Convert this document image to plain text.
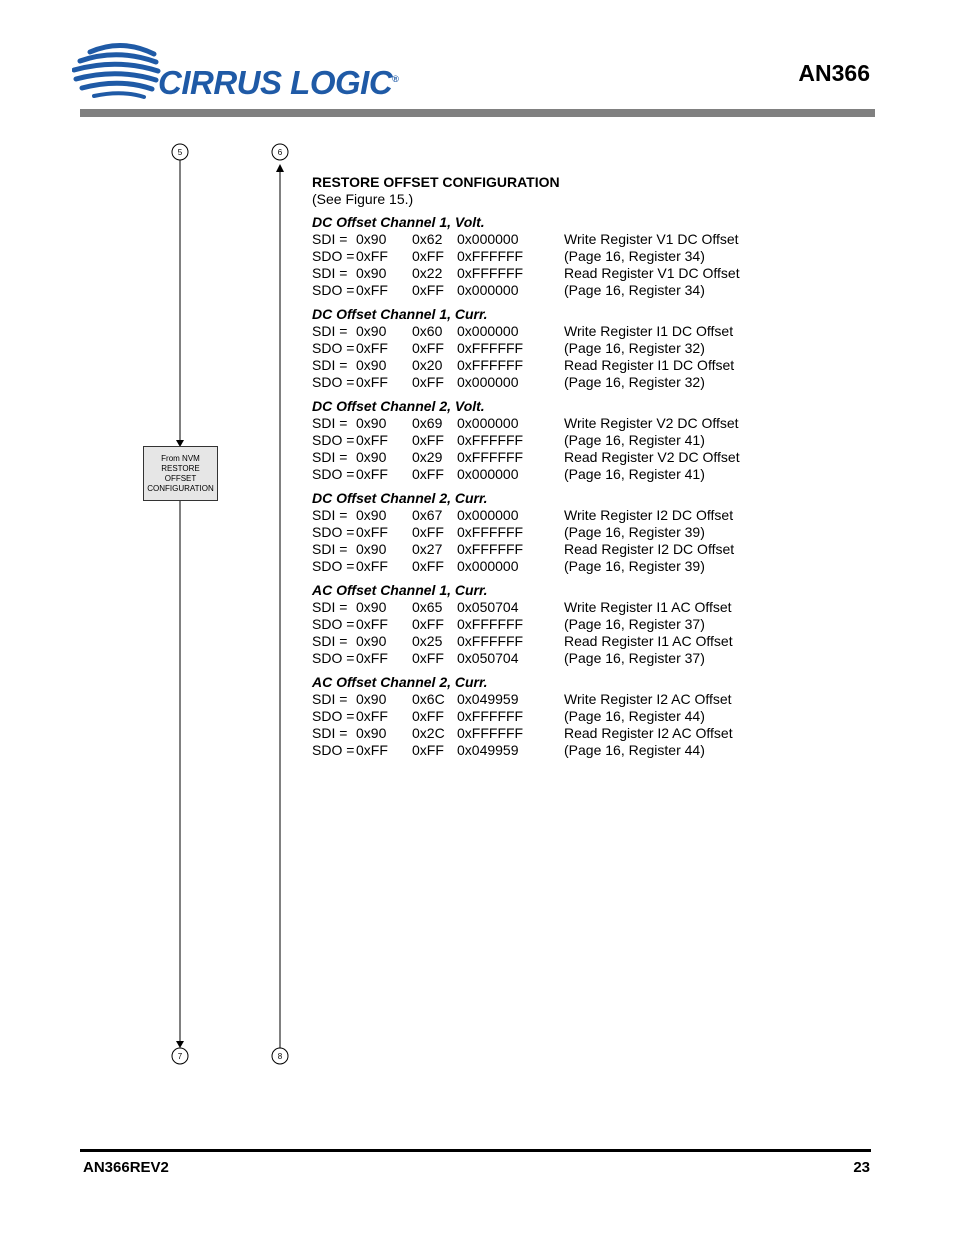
CIRRUS LOGIC®	AN366
5	6
7	8
From NVM
RESTORE
OFFSET
CONFIGURATION
RESTORE OFFSET CONFIGURATION
(See Figure 15.)
DC Offset Channel 1, Volt.
SDI = 0x90 0x62 0x000000	Write Register V1 DC Offset
SDO = 0xFF 0xFF 0xFFFFFF	(Page 16, Register 34)
SDI = 0x90 0x22 0xFFFFFF	Read Register V1 DC Offset
SDO = 0xFF 0xFF 0x000000	(Page 16, Register 34)
DC Offset Channel 1, Curr.
SDI = 0x90 0x60 0x000000	Write Register I1 DC Offset
SDO = 0xFF 0xFF 0xFFFFFF	(Page 16, Register 32)
SDI = 0x90 0x20 0xFFFFFF	Read Register I1 DC Offset
SDO = 0xFF 0xFF 0x000000	(Page 16, Register 32)
DC Offset Channel 2, Volt.
SDI = 0x90 0x69 0x000000	Write Register V2 DC Offset
SDO = 0xFF 0xFF 0xFFFFFF	(Page 16, Register 41)
SDI = 0x90 0x29 0xFFFFFF	Read Register V2 DC Offset
SDO = 0xFF 0xFF 0x000000	(Page 16, Register 41)
DC Offset Channel 2, Curr.
SDI = 0x90 0x67 0x000000	Write Register I2 DC Offset
SDO = 0xFF 0xFF 0xFFFFFF	(Page 16, Register 39)
SDI = 0x90 0x27 0xFFFFFF	Read Register I2 DC Offset
SDO = 0xFF 0xFF 0x000000	(Page 16, Register 39)
AC Offset Channel 1, Curr.
SDI = 0x90 0x65 0x050704	Write Register I1 AC Offset
SDO = 0xFF 0xFF 0xFFFFFF	(Page 16, Register 37)
SDI = 0x90 0x25 0xFFFFFF	Read Register I1 AC Offset
SDO = 0xFF 0xFF 0x050704	(Page 16, Register 37)
AC Offset Channel 2, Curr.
SDI = 0x90 0x6C 0x049959	Write Register I2 AC Offset
SDO = 0xFF 0xFF 0xFFFFFF	(Page 16, Register 44)
SDI = 0x90 0x2C 0xFFFFFF	Read Register I2 AC Offset
SDO = 0xFF 0xFF 0x049959	(Page 16, Register 44)
AN366REV2	23
